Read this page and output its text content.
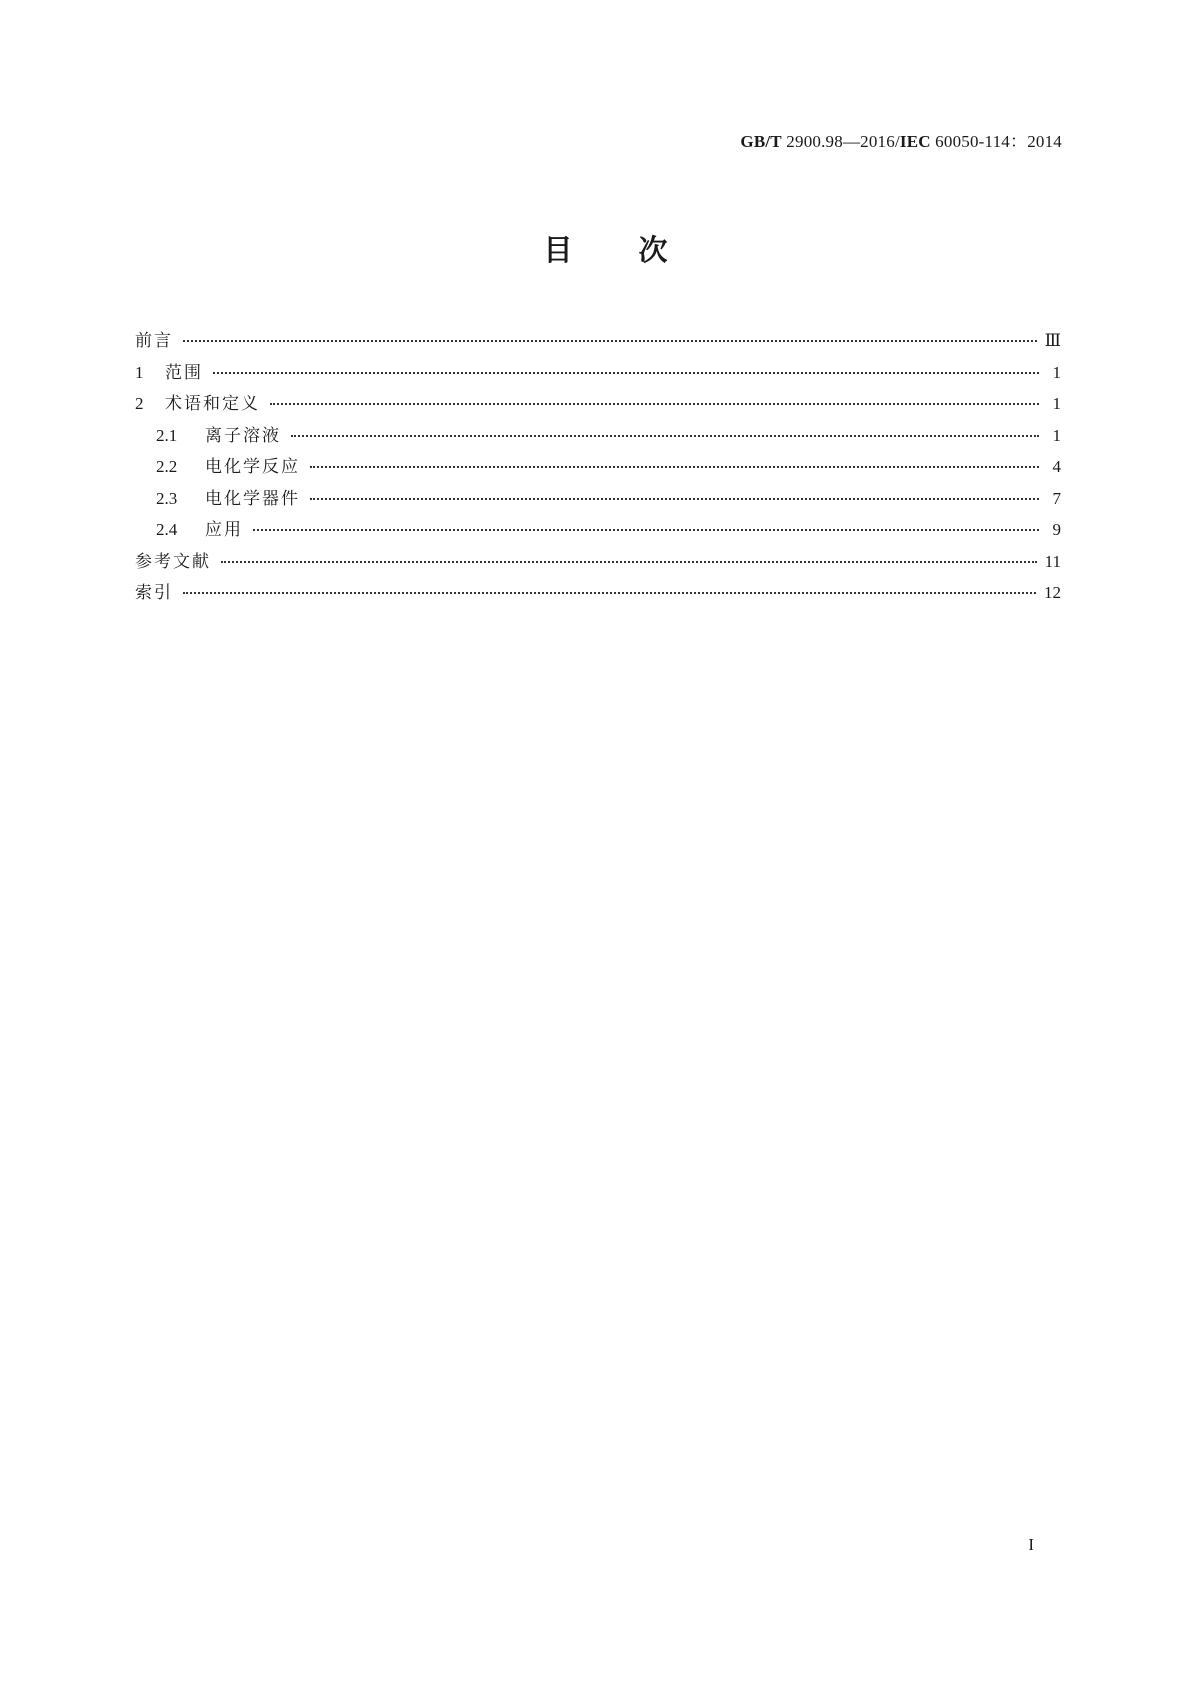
GB/T 2900.98—2016/IEC 60050-114：2014
目 次
前言	Ⅲ
1	范围	1
2	术语和定义	1
2.1	离子溶液	1
2.2	电化学反应	4
2.3	电化学器件	7
2.4	应用	9
参考文献	11
索引	12
I
